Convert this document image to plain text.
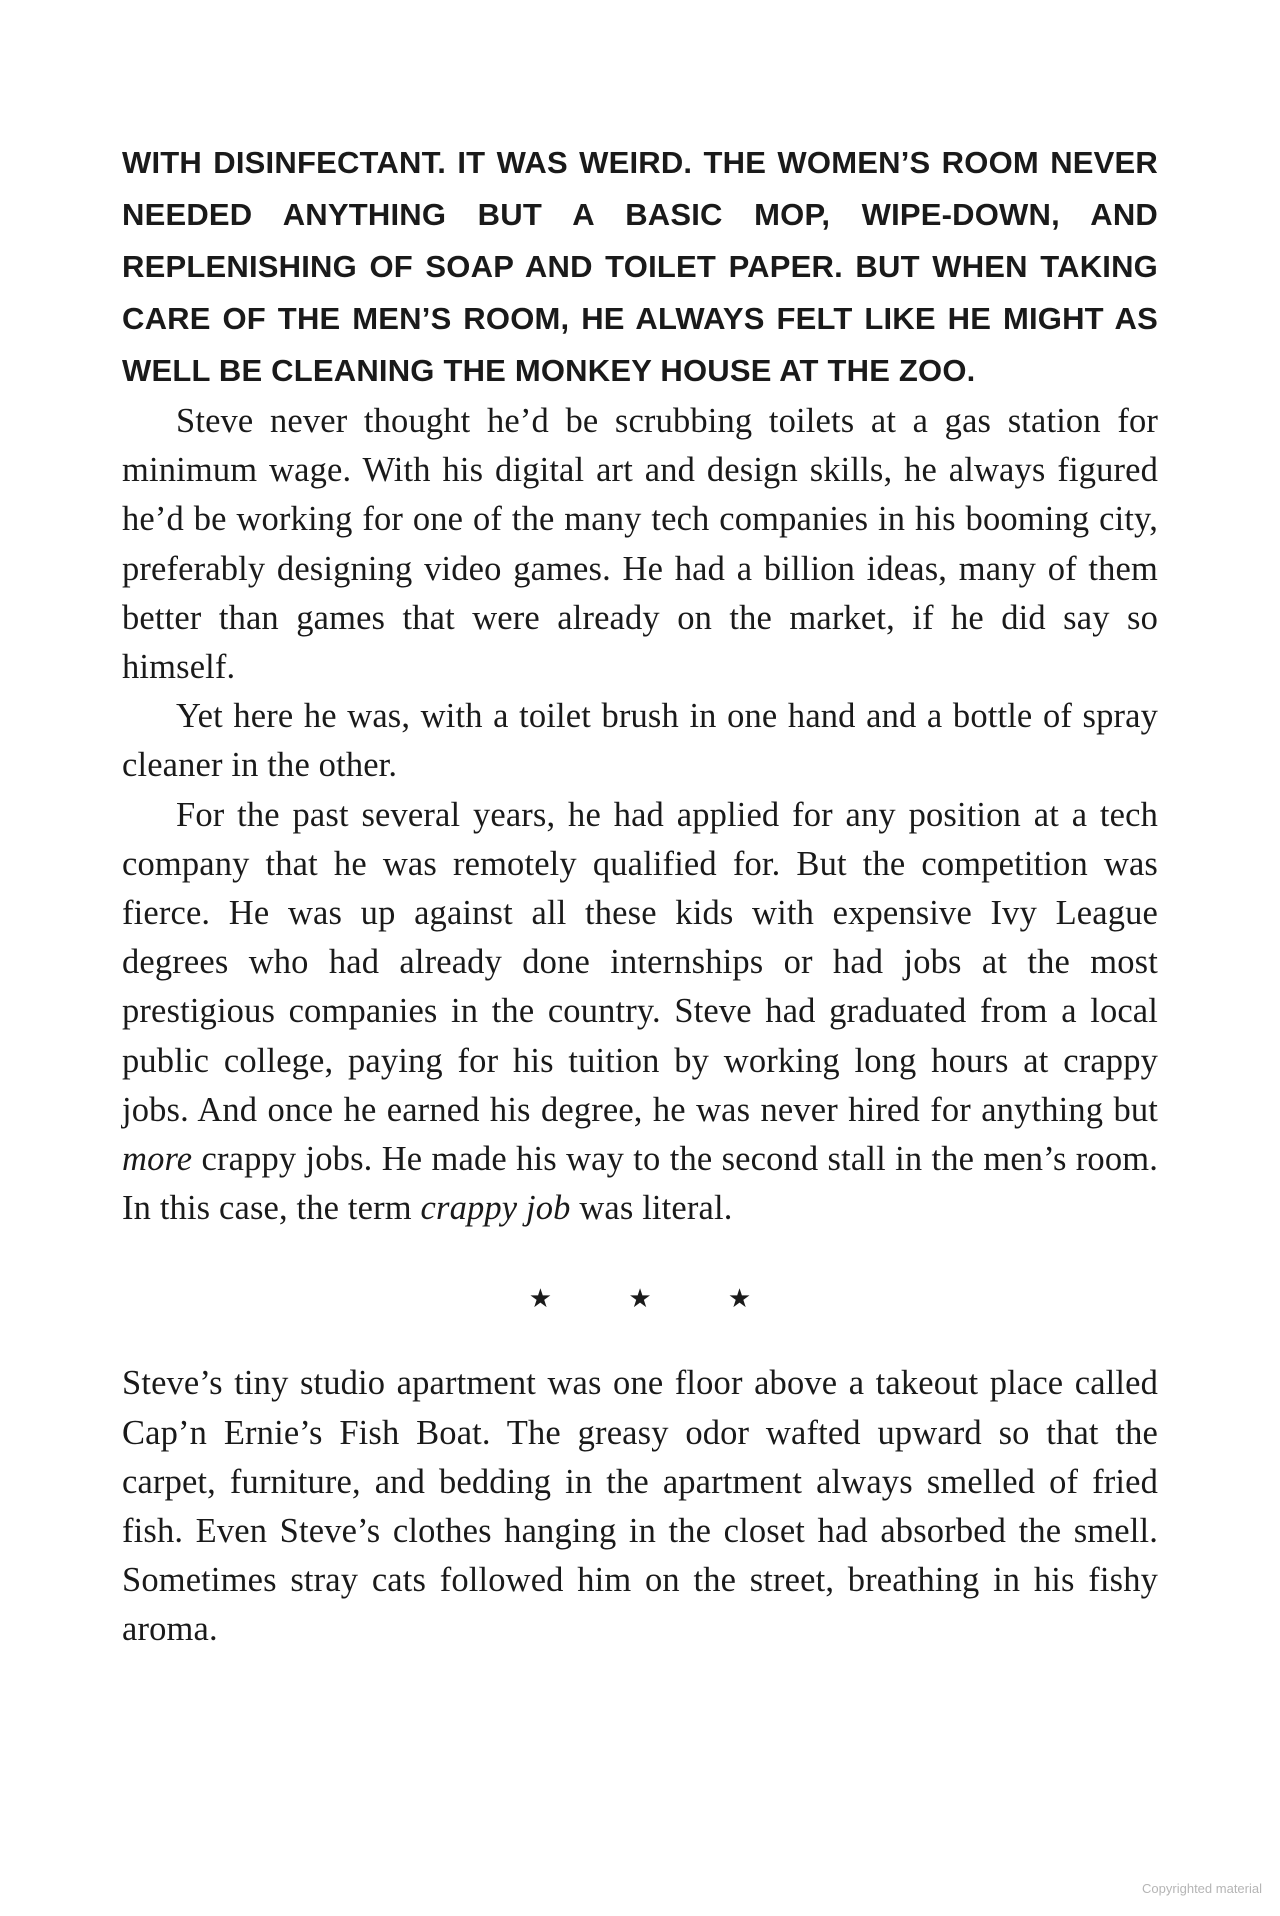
WITH DISINFECTANT. IT WAS WEIRD. THE WOMEN’S ROOM NEVER NEEDED ANYTHING BUT A BASIC MOP, WIPE-DOWN, AND REPLENISHING OF SOAP AND TOILET PAPER. BUT WHEN TAKING CARE OF THE MEN’S ROOM, HE ALWAYS FELT LIKE HE MIGHT AS WELL BE CLEANING THE MONKEY HOUSE AT THE ZOO.

Steve never thought he’d be scrubbing toilets at a gas station for minimum wage. With his digital art and design skills, he always figured he’d be working for one of the many tech companies in his booming city, preferably designing video games. He had a billion ideas, many of them better than games that were already on the market, if he did say so himself.

Yet here he was, with a toilet brush in one hand and a bottle of spray cleaner in the other.

For the past several years, he had applied for any position at a tech company that he was remotely qualified for. But the competition was fierce. He was up against all these kids with expensive Ivy League degrees who had already done internships or had jobs at the most prestigious companies in the country. Steve had graduated from a local public college, paying for his tuition by working long hours at crappy jobs. And once he earned his degree, he was never hired for anything but more crappy jobs. He made his way to the second stall in the men’s room. In this case, the term crappy job was literal.

★ ★ ★

Steve’s tiny studio apartment was one floor above a takeout place called Cap’n Ernie’s Fish Boat. The greasy odor wafted upward so that the carpet, furniture, and bedding in the apartment always smelled of fried fish. Even Steve’s clothes hanging in the closet had absorbed the smell. Sometimes stray cats followed him on the street, breathing in his fishy aroma.

Copyrighted material
